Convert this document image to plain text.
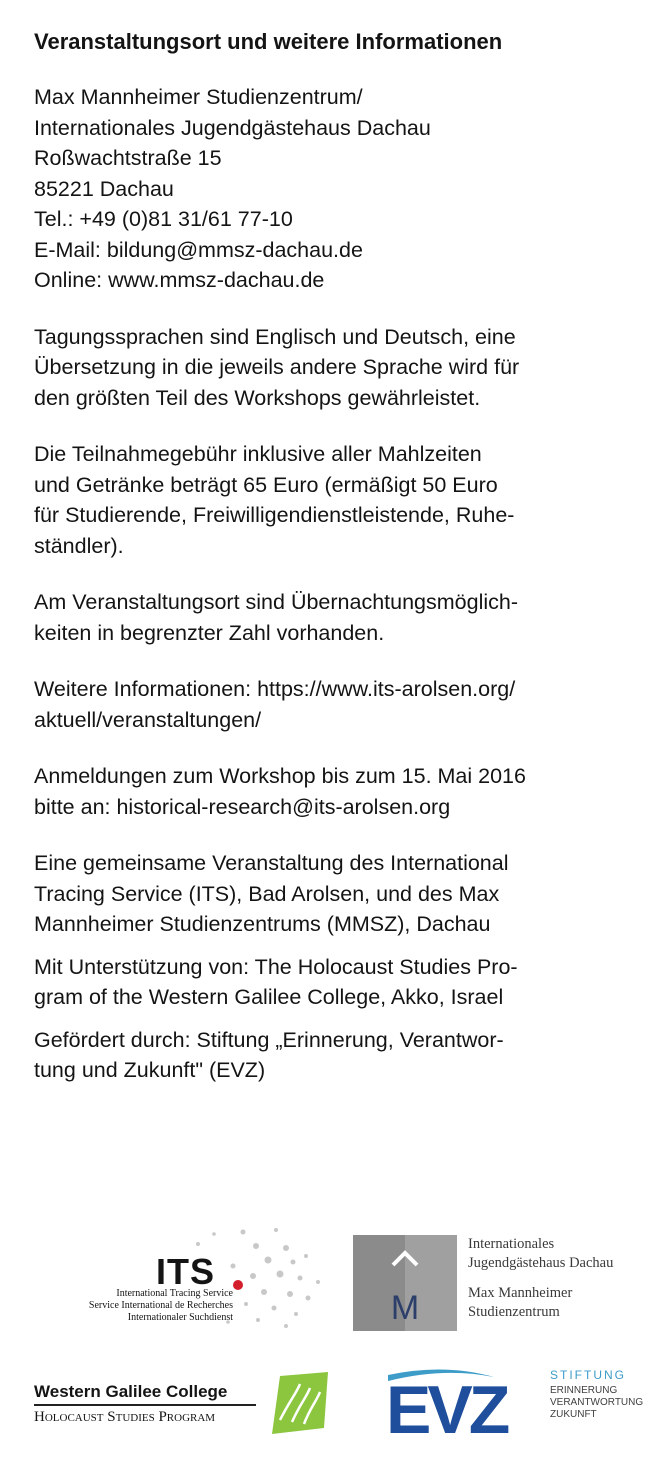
Veranstaltungsort und weitere Informationen
Max Mannheimer Studienzentrum/
Internationales Jugendgästehaus Dachau
Roßwachtstraße 15
85221 Dachau
Tel.: +49 (0)81 31/61 77-10
E-Mail: bildung@mmsz-dachau.de
Online: www.mmsz-dachau.de
Tagungssprachen sind Englisch und Deutsch, eine
Übersetzung in die jeweils andere Sprache wird für
den größten Teil des Workshops gewährleistet.
Die Teilnahmegebühr inklusive aller Mahlzeiten
und Getränke beträgt 65 Euro (ermäßigt 50 Euro
für Studierende, Freiwilligendienstleistende, Ruhe-
ständler).
Am Veranstaltungsort sind Übernachtungsmöglich-
keiten in begrenzter Zahl vorhanden.
Weitere Informationen: https://www.its-arolsen.org/
aktuell/veranstaltungen/
Anmeldungen zum Workshop bis zum 15. Mai 2016
bitte an: historical-research@its-arolsen.org
Eine gemeinsame Veranstaltung des International
Tracing Service (ITS), Bad Arolsen, und des Max
Mannheimer Studienzentrums (MMSZ), Dachau
Mit Unterstützung von: The Holocaust Studies Pro-
gram of the Western Galilee College, Akko, Israel
Gefördert durch: Stiftung „Erinnerung, Verantwor-
tung und Zukunft" (EVZ)
ITS
International Tracing Service
Service International de Recherches
Internationaler Suchdienst	M
Internationales
Jugendgästehaus Dachau
Max Mannheimer
Studienzentrum
Western Galilee College
Holocaust Studies Program	EVZ	STIFTUNG
ERINNERUNG
VERANTWORTUNG
ZUKUNFT
